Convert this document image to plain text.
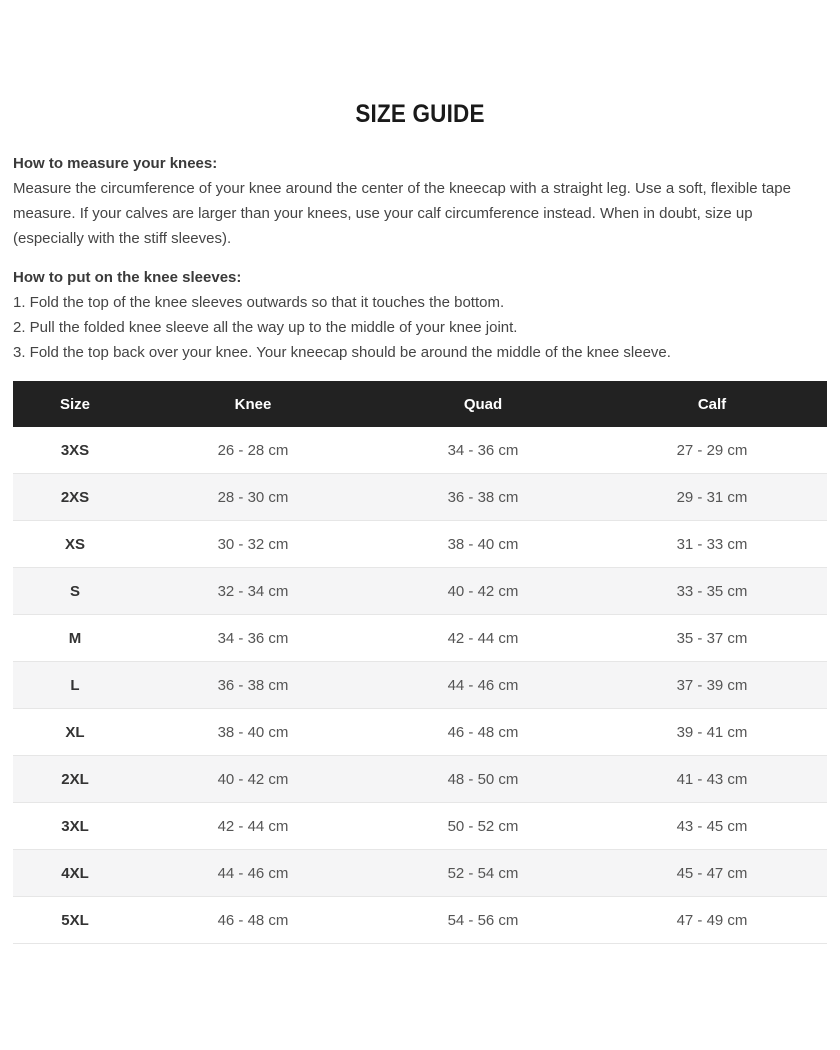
SIZE GUIDE
How to measure your knees:

Measure the circumference of your knee around the center of the kneecap with a straight leg. Use a soft, flexible tape measure. If your calves are larger than your knees, use your calf circumference instead. When in doubt, size up (especially with the stiff sleeves).

How to put on the knee sleeves:
1. Fold the top of the knee sleeves outwards so that it touches the bottom.
2. Pull the folded knee sleeve all the way up to the middle of your knee joint.
3. Fold the top back over your knee. Your kneecap should be around the middle of the knee sleeve.
Size	Knee	Quad	Calf
3XS	26 - 28 cm	34 - 36 cm	27 - 29 cm
2XS	28 - 30 cm	36 - 38 cm	29 - 31 cm
XS	30 - 32 cm	38 - 40 cm	31 - 33 cm
S	32 - 34 cm	40 - 42 cm	33 - 35 cm
M	34 - 36 cm	42 - 44 cm	35 - 37 cm
L	36 - 38 cm	44 - 46 cm	37 - 39 cm
XL	38 - 40 cm	46 - 48 cm	39 - 41 cm
2XL	40 - 42 cm	48 - 50 cm	41 - 43 cm
3XL	42 - 44 cm	50 - 52 cm	43 - 45 cm
4XL	44 - 46 cm	52 - 54 cm	45 - 47 cm
5XL	46 - 48 cm	54 - 56 cm	47 - 49 cm
